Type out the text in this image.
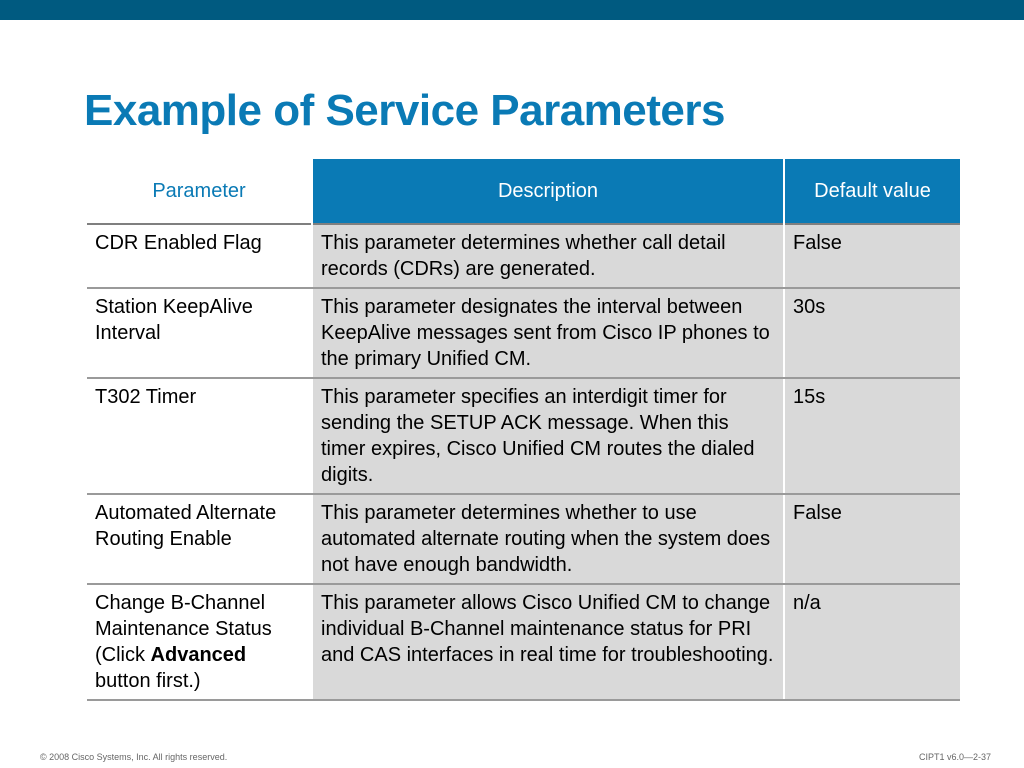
Example of Service Parameters
Parameter	Description	Default value
CDR Enabled Flag	This parameter determines whether call detail records (CDRs) are generated.	False
Station KeepAlive Interval	This parameter designates the interval between KeepAlive messages sent from Cisco IP phones to the primary Unified CM.	30s
T302 Timer	This parameter specifies an interdigit timer for sending the SETUP ACK message. When this timer expires, Cisco Unified CM routes the dialed digits.	15s
Automated Alternate Routing Enable	This parameter determines whether to use automated alternate routing when the system does not have enough bandwidth.	False
Change B-Channel Maintenance Status (Click Advanced button first.)	This parameter allows Cisco Unified CM to change individual B-Channel maintenance status for PRI and CAS interfaces in real time for troubleshooting.	n/a
© 2008 Cisco Systems, Inc. All rights reserved.	CIPT1 v6.0—2-37
